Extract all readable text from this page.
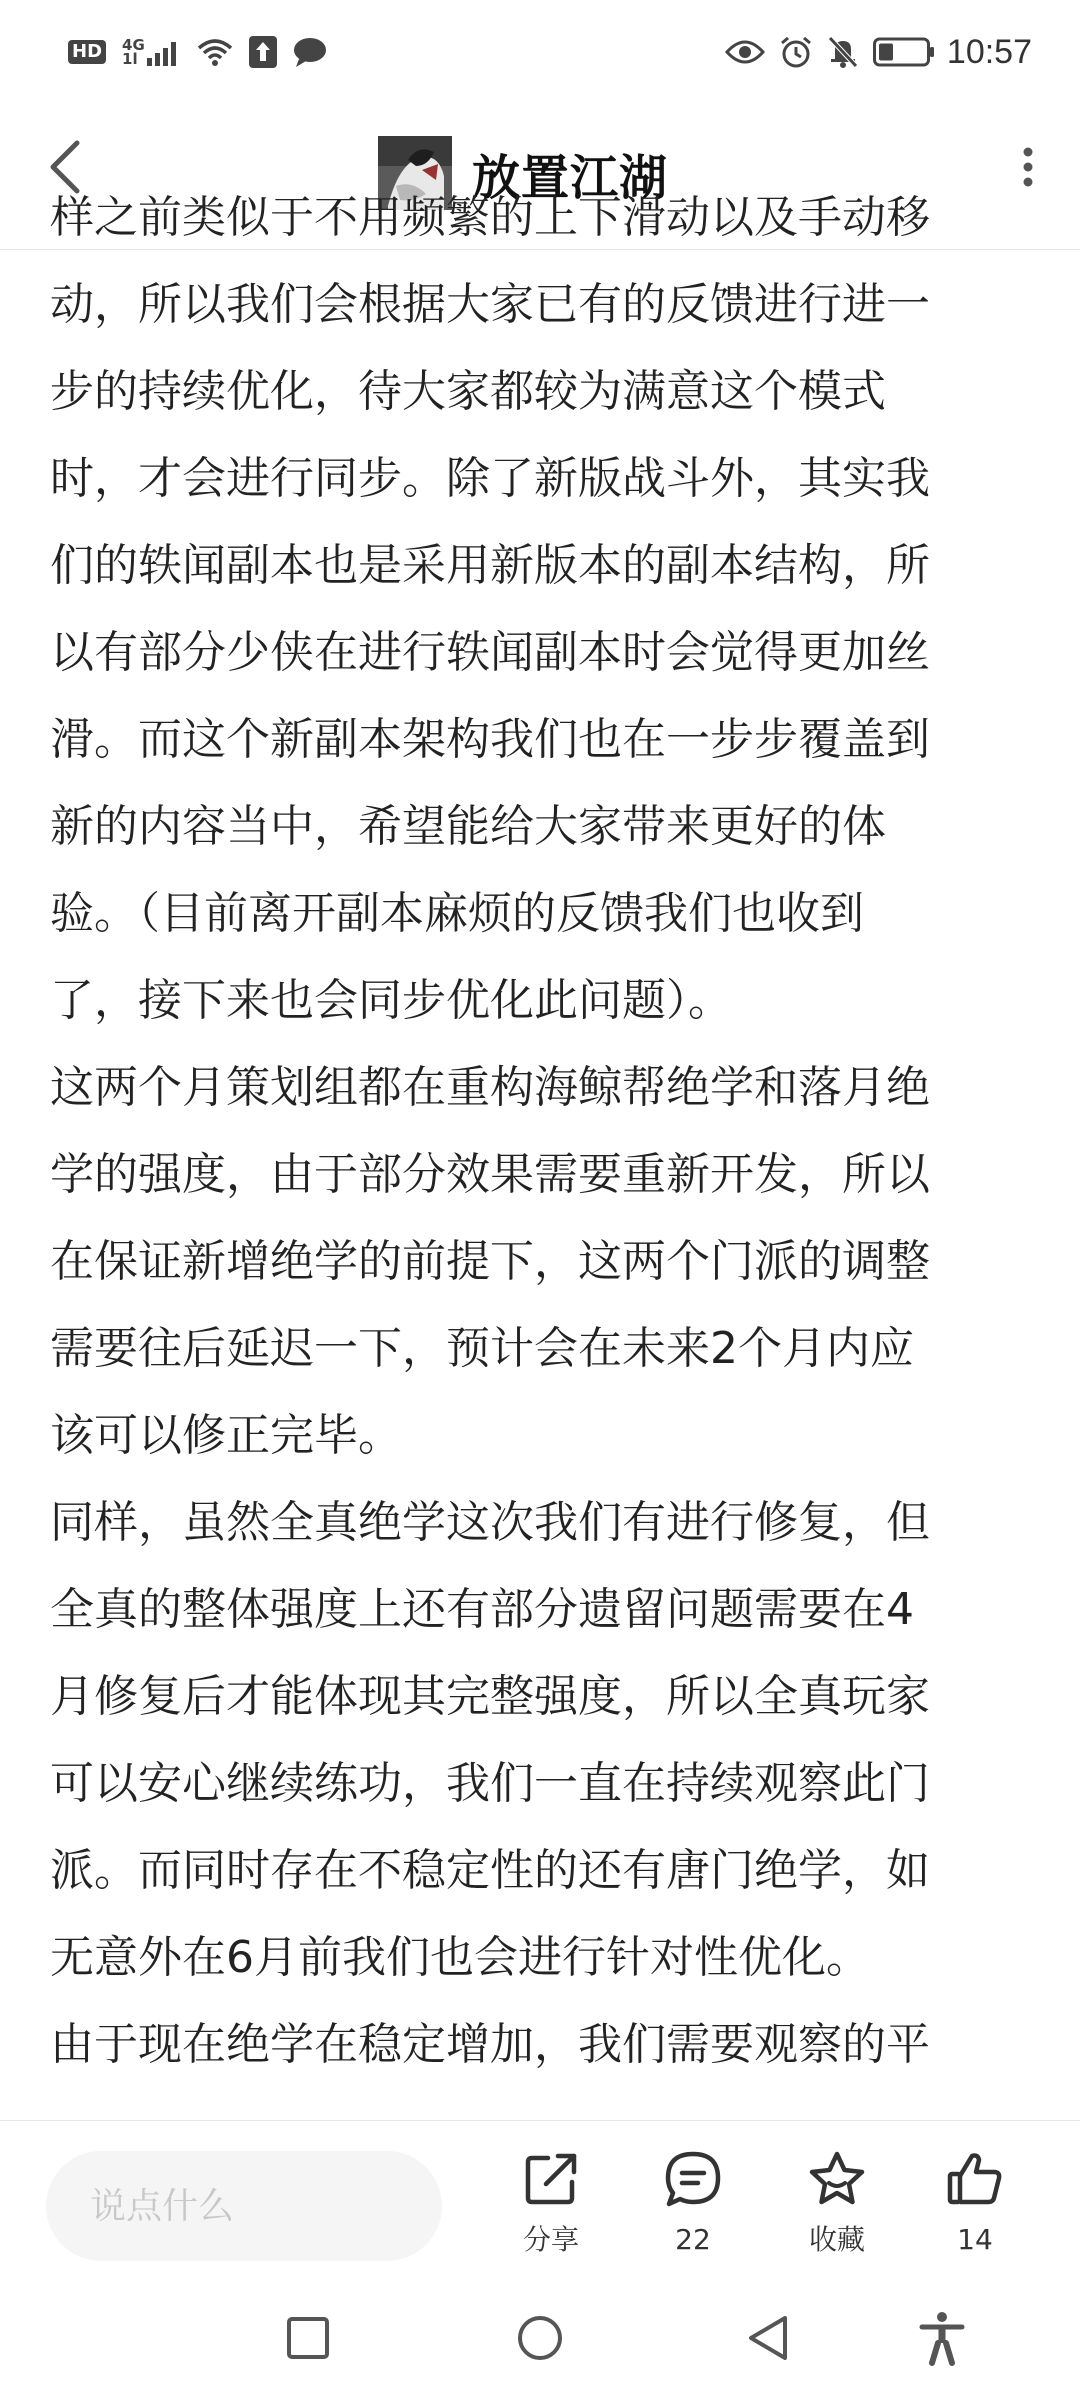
HD 4G
1l	10:57
放置江湖

样之前类似于不用频繁的上下滑动以及手动移

动，所以我们会根据大家已有的反馈进行进一

步的持续优化，待大家都较为满意这个模式

时，才会进行同步。除了新版战斗外，其实我

们的轶闻副本也是采用新版本的副本结构，所

以有部分少侠在进行轶闻副本时会觉得更加丝

滑。而这个新副本架构我们也在一步步覆盖到

新的内容当中，希望能给大家带来更好的体

验。（目前离开副本麻烦的反馈我们也收到

了，接下来也会同步优化此问题）。

这两个月策划组都在重构海鲸帮绝学和落月绝

学的强度，由于部分效果需要重新开发，所以

在保证新增绝学的前提下，这两个门派的调整

需要往后延迟一下，预计会在未来2个月内应

该可以修正完毕。

同样，虽然全真绝学这次我们有进行修复，但

全真的整体强度上还有部分遗留问题需要在4

月修复后才能体现其完整强度，所以全真玩家

可以安心继续练功，我们一直在持续观察此门

派。而同时存在不稳定性的还有唐门绝学，如

无意外在6月前我们也会进行针对性优化。

由于现在绝学在稳定增加，我们需要观察的平

说点什么
分享	22	收藏	14
